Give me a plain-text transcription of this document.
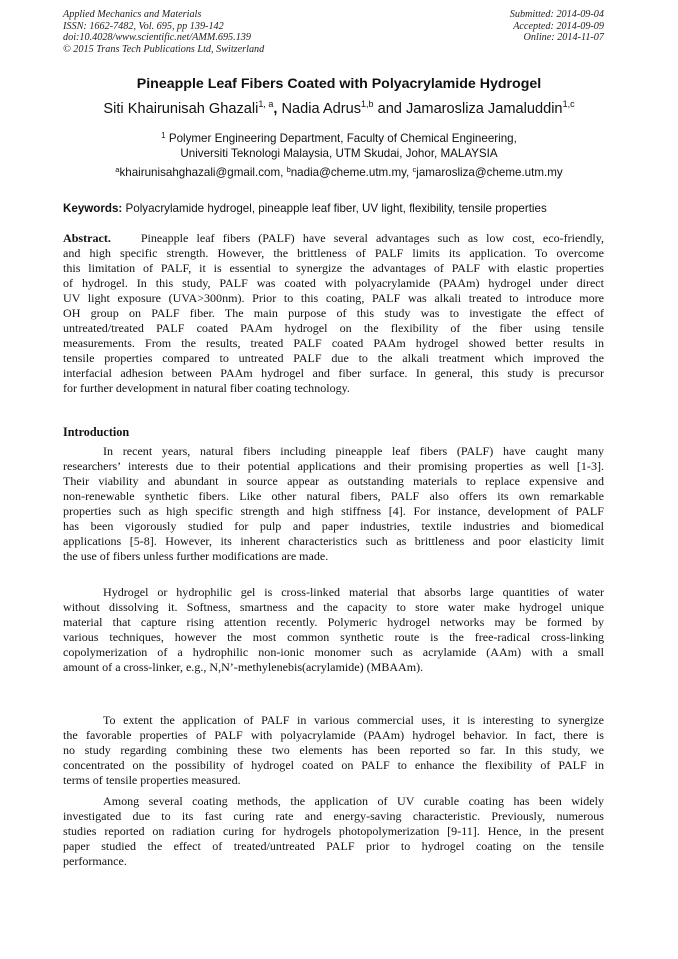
Applied Mechanics and Materials
ISSN: 1662-7482, Vol. 695, pp 139-142
doi:10.4028/www.scientific.net/AMM.695.139
© 2015 Trans Tech Publications Ltd, Switzerland
Submitted: 2014-09-04
Accepted: 2014-09-09
Online: 2014-11-07
Pineapple Leaf Fibers Coated with Polyacrylamide Hydrogel
Siti Khairunisah Ghazali$^{1, a}$, Nadia Adrus$^{1,b}$ and Jamarosliza Jamaluddin$^{1,c}$
$^1$ Polymer Engineering Department, Faculty of Chemical Engineering,
Universiti Teknologi Malaysia, UTM Skudai, Johor, MALAYSIA
$^a$khairunisahghazali@gmail.com, $^b$nadia@cheme.utm.my, $^c$jamarosliza@cheme.utm.my
Keywords: Polyacrylamide hydrogel, pineapple leaf fiber, UV light, flexibility, tensile properties
Abstract. Pineapple leaf fibers (PALF) have several advantages such as low cost, eco-friendly,
and high specific strength. However, the brittleness of PALF limits its application. To overcome
this limitation of PALF, it is essential to synergize the advantages of PALF with elastic properties
of hydrogel. In this study, PALF was coated with polyacrylamide (PAAm) hydrogel under direct
UV light exposure (UVA>300nm). Prior to this coating, PALF was alkali treated to introduce more
OH group on PALF fiber. The main purpose of this study was to investigate the effect of
untreated/treated PALF coated PAAm hydrogel on the flexibility of the fiber using tensile
measurements. From the results, treated PALF coated PAAm hydrogel showed better results in
tensile properties compared to untreated PALF due to the alkali treatment which improved the
interfacial adhesion between PAAm hydrogel and fiber surface. In general, this study is precursor
for further development in natural fiber coating technology.
Introduction
In recent years, natural fibers including pineapple leaf fibers (PALF) have caught many
researchers’ interests due to their potential applications and their promising properties as well [1-3].
Their viability and abundant in source appear as outstanding materials to replace expensive and
non-renewable synthetic fibers. Like other natural fibers, PALF also offers its own remarkable
properties such as high specific strength and high stiffness [4]. For instance, development of PALF
has been vigorously studied for pulp and paper industries, textile industries and biomedical
applications [5-8]. However, its inherent characteristics such as brittleness and poor elasticity limit
the use of fibers unless further modifications are made.
Hydrogel or hydrophilic gel is cross-linked material that absorbs large quantities of water
without dissolving it. Softness, smartness and the capacity to store water make hydrogel unique
material that capture rising attention recently. Polymeric hydrogel networks may be formed by
various techniques, however the most common synthetic route is the free-radical cross-linking
copolymerization of a hydrophilic non-ionic monomer such as acrylamide (AAm) with a small
amount of a cross-linker, e.g., N,N’-methylenebis(acrylamide) (MBAAm).
To extent the application of PALF in various commercial uses, it is interesting to synergize
the favorable properties of PALF with polyacrylamide (PAAm) hydrogel behavior. In fact, there is
no study regarding combining these two elements has been reported so far. In this study, we
concentrated on the possibility of hydrogel coated on PALF to enhance the flexibility of PALF in
terms of tensile properties measured.
Among several coating methods, the application of UV curable coating has been widely
investigated due to its fast curing rate and energy-saving characteristic. Previously, numerous
studies reported on radiation curing for hydrogels photopolymerization [9-11]. Hence, in the present
paper studied the effect of treated/untreated PALF prior to hydrogel coating on the tensile
performance.
